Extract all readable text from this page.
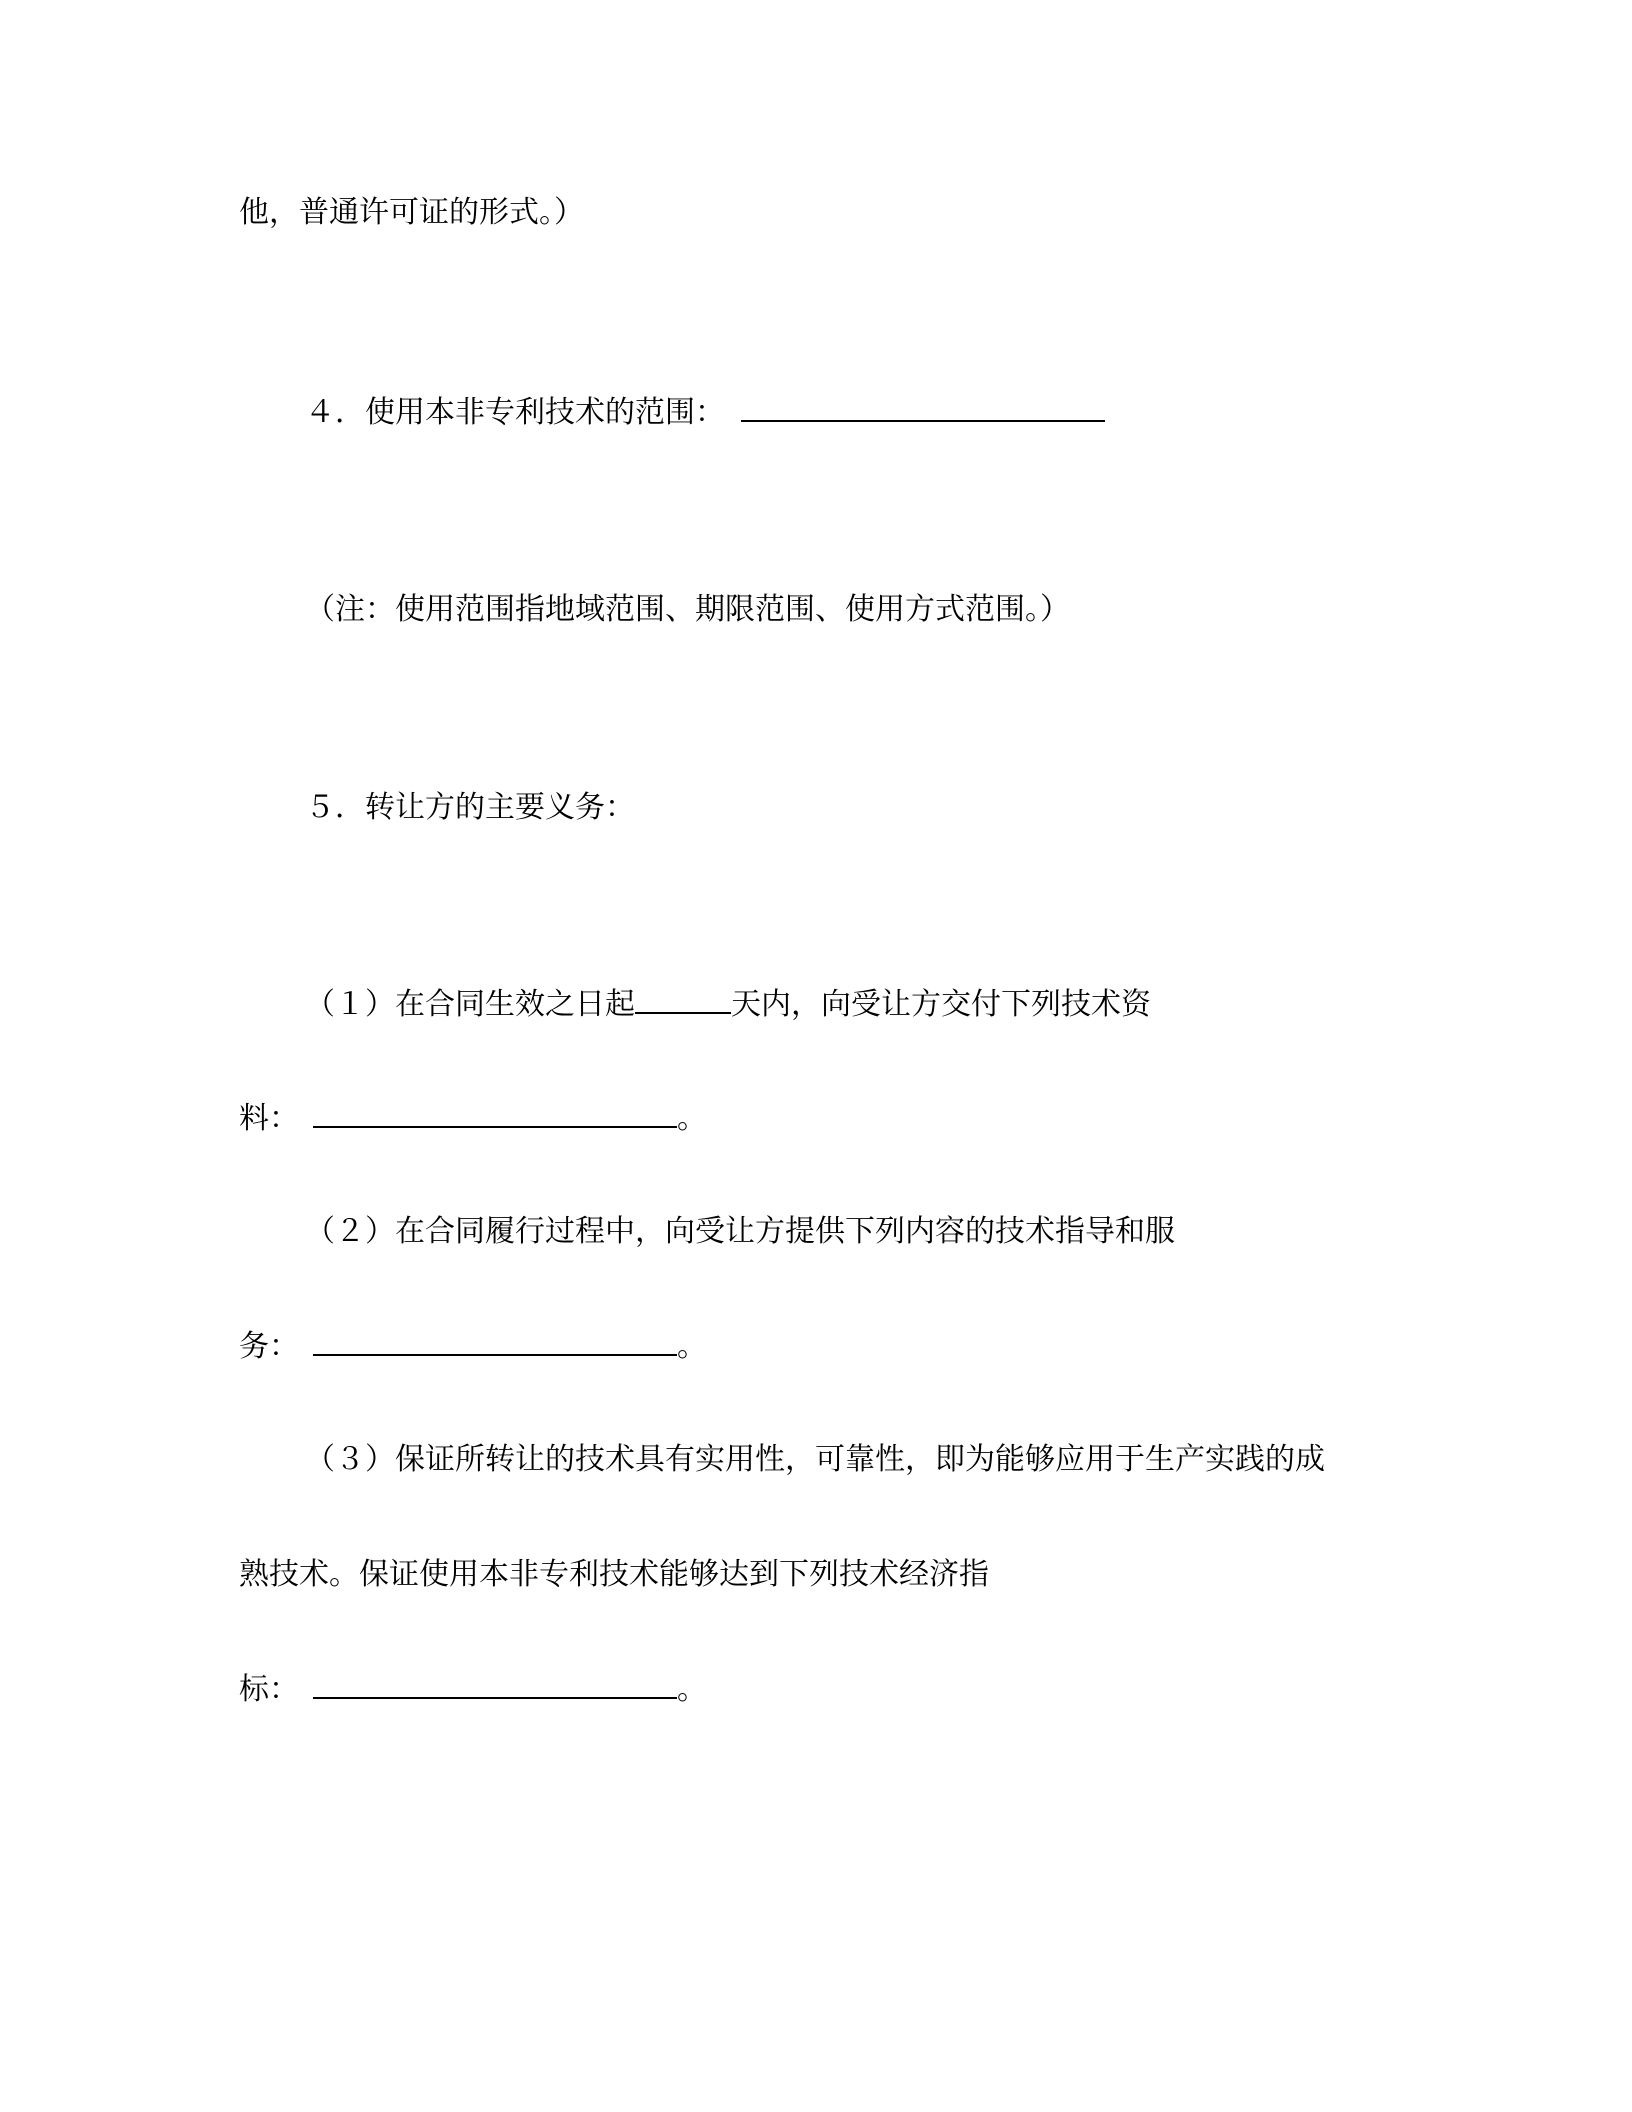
他，普通许可证的形式。）
４．使用本非专利技术的范围：
（注：使用范围指地域范围、期限范围、使用方式范围。）
５．转让方的主要义务：
（１）在合同生效之日起	天内，向受让方交付下列技术资
料：	。
（２）在合同履行过程中，向受让方提供下列内容的技术指导和服
务：	。
（３）保证所转让的技术具有实用性，可靠性，即为能够应用于生产实践的成
熟技术。保证使用本非专利技术能够达到下列技术经济指
标：	。
